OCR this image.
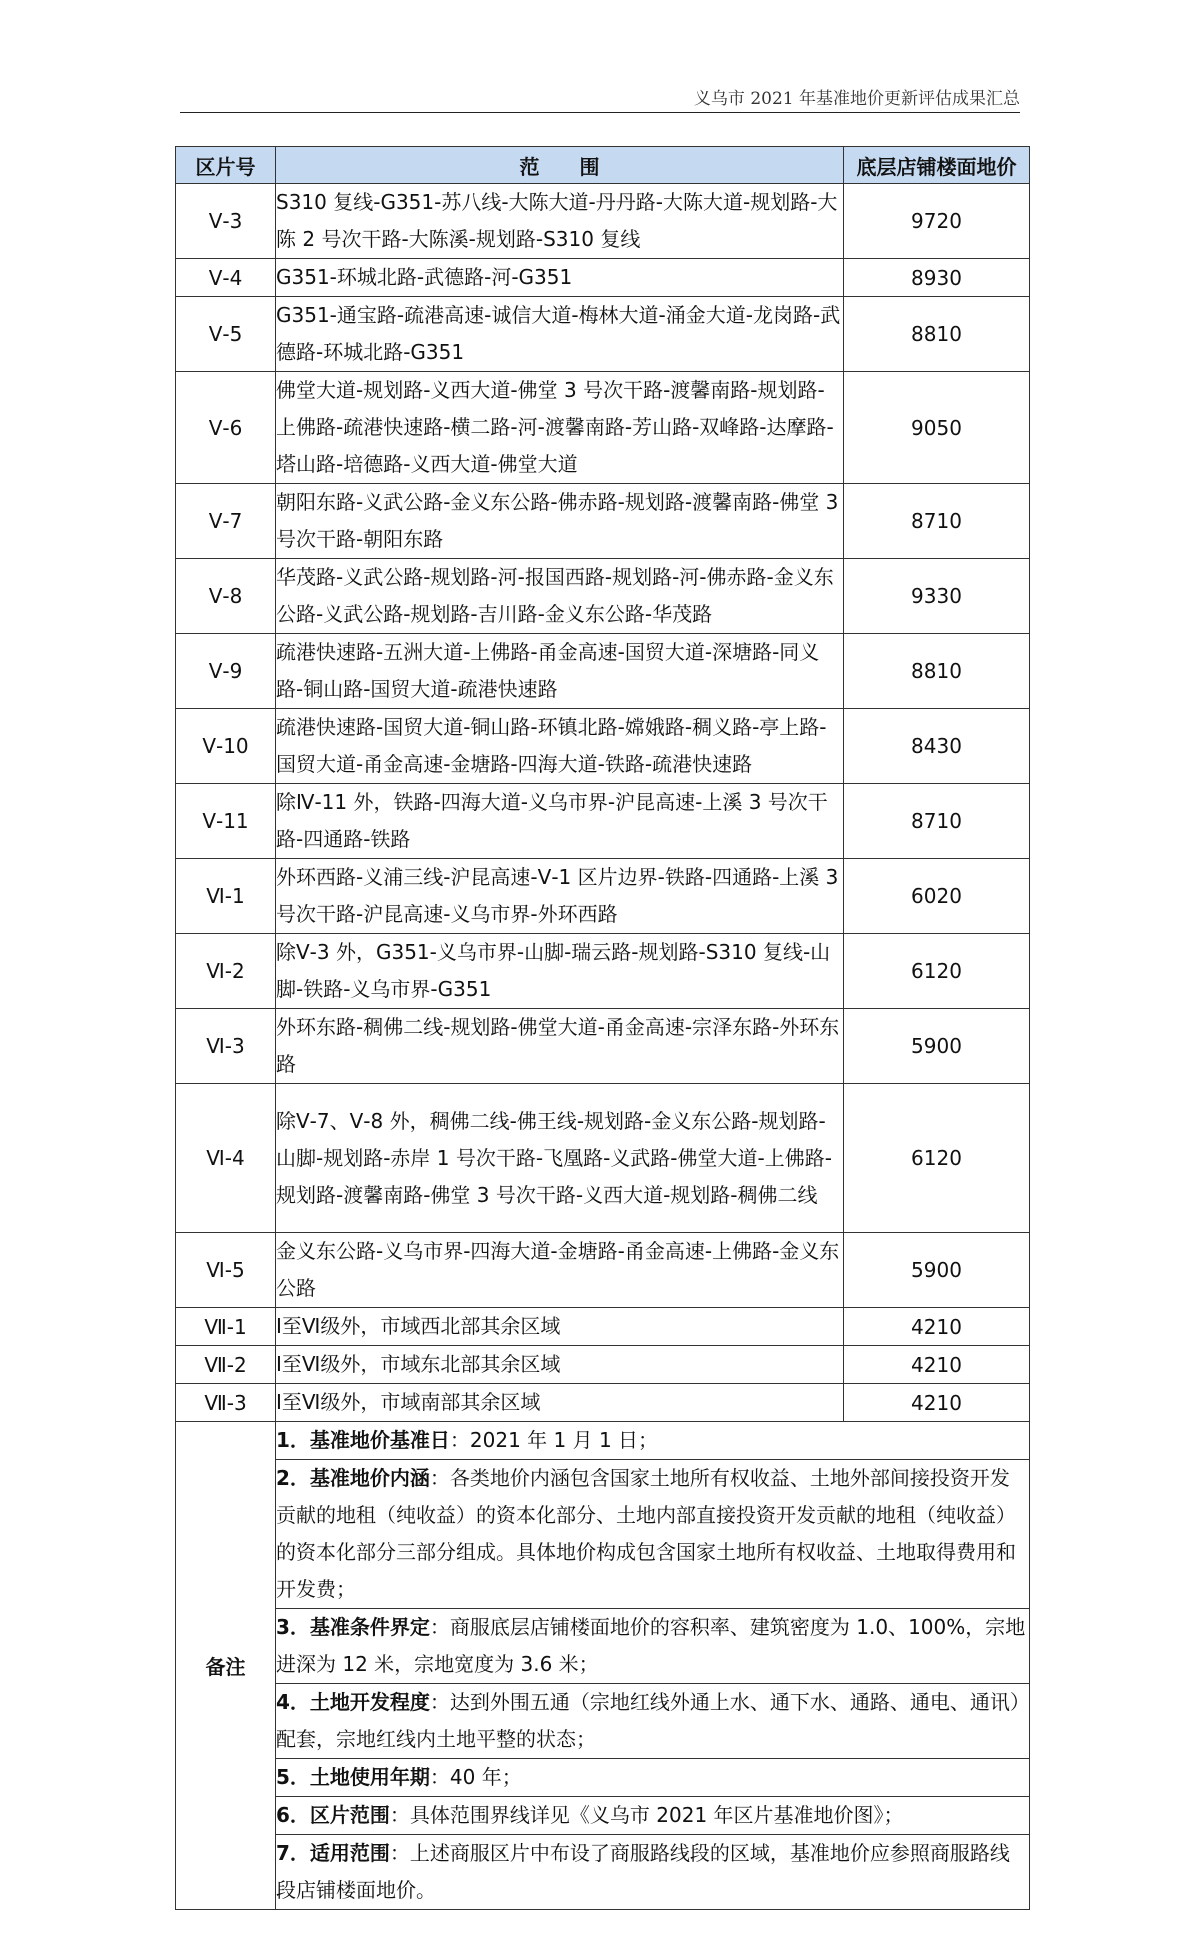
义乌市 2021 年基准地价更新评估成果汇总
区片号	范　　围	底层店铺楼面地价
Ⅴ-3	S310 复线-G351-苏八线-大陈大道-丹丹路-大陈大道-规划路-大陈 2 号次干路-大陈溪-规划路-S310 复线	9720
Ⅴ-4	G351-环城北路-武德路-河-G351	8930
Ⅴ-5	G351-通宝路-疏港高速-诚信大道-梅林大道-涌金大道-龙岗路-武德路-环城北路-G351	8810
Ⅴ-6	佛堂大道-规划路-义西大道-佛堂 3 号次干路-渡馨南路-规划路-上佛路-疏港快速路-横二路-河-渡馨南路-芳山路-双峰路-达摩路-塔山路-培德路-义西大道-佛堂大道	9050
Ⅴ-7	朝阳东路-义武公路-金义东公路-佛赤路-规划路-渡馨南路-佛堂 3 号次干路-朝阳东路	8710
Ⅴ-8	华茂路-义武公路-规划路-河-报国西路-规划路-河-佛赤路-金义东公路-义武公路-规划路-吉川路-金义东公路-华茂路	9330
Ⅴ-9	疏港快速路-五洲大道-上佛路-甬金高速-国贸大道-深塘路-同义路-铜山路-国贸大道-疏港快速路	8810
Ⅴ-10	疏港快速路-国贸大道-铜山路-环镇北路-嫦娥路-稠义路-亭上路-国贸大道-甬金高速-金塘路-四海大道-铁路-疏港快速路	8430
Ⅴ-11	除Ⅳ-11 外，铁路-四海大道-义乌市界-沪昆高速-上溪 3 号次干路-四通路-铁路	8710
Ⅵ-1	外环西路-义浦三线-沪昆高速-Ⅴ-1 区片边界-铁路-四通路-上溪 3 号次干路-沪昆高速-义乌市界-外环西路	6020
Ⅵ-2	除Ⅴ-3 外，G351-义乌市界-山脚-瑞云路-规划路-S310 复线-山脚-铁路-义乌市界-G351	6120
Ⅵ-3	外环东路-稠佛二线-规划路-佛堂大道-甬金高速-宗泽东路-外环东路	5900
Ⅵ-4	除Ⅴ-7、Ⅴ-8 外，稠佛二线-佛王线-规划路-金义东公路-规划路-山脚-规划路-赤岸 1 号次干路-飞凰路-义武路-佛堂大道-上佛路-规划路-渡馨南路-佛堂 3 号次干路-义西大道-规划路-稠佛二线	6120
Ⅵ-5	金义东公路-义乌市界-四海大道-金塘路-甬金高速-上佛路-金义东公路	5900
Ⅶ-1	Ⅰ至Ⅵ级外，市域西北部其余区域	4210
Ⅶ-2	Ⅰ至Ⅵ级外，市域东北部其余区域	4210
Ⅶ-3	Ⅰ至Ⅵ级外，市域南部其余区域	4210
备注	1．基准地价基准日：2021 年 1 月 1 日；	
	2．基准地价内涵：各类地价内涵包含国家土地所有权收益、土地外部间接投资开发贡献的地租（纯收益）的资本化部分、土地内部直接投资开发贡献的地租（纯收益）的资本化部分三部分组成。具体地价构成包含国家土地所有权收益、土地取得费用和开发费；	
	3．基准条件界定：商服底层店铺楼面地价的容积率、建筑密度为 1.0、100%，宗地进深为 12 米，宗地宽度为 3.6 米；	
	4．土地开发程度：达到外围五通（宗地红线外通上水、通下水、通路、通电、通讯）配套，宗地红线内土地平整的状态；	
	5．土地使用年期：40 年；	
	6．区片范围：具体范围界线详见《义乌市 2021 年区片基准地价图》；	
	7．适用范围：上述商服区片中布设了商服路线段的区域，基准地价应参照商服路线段店铺楼面地价。	
